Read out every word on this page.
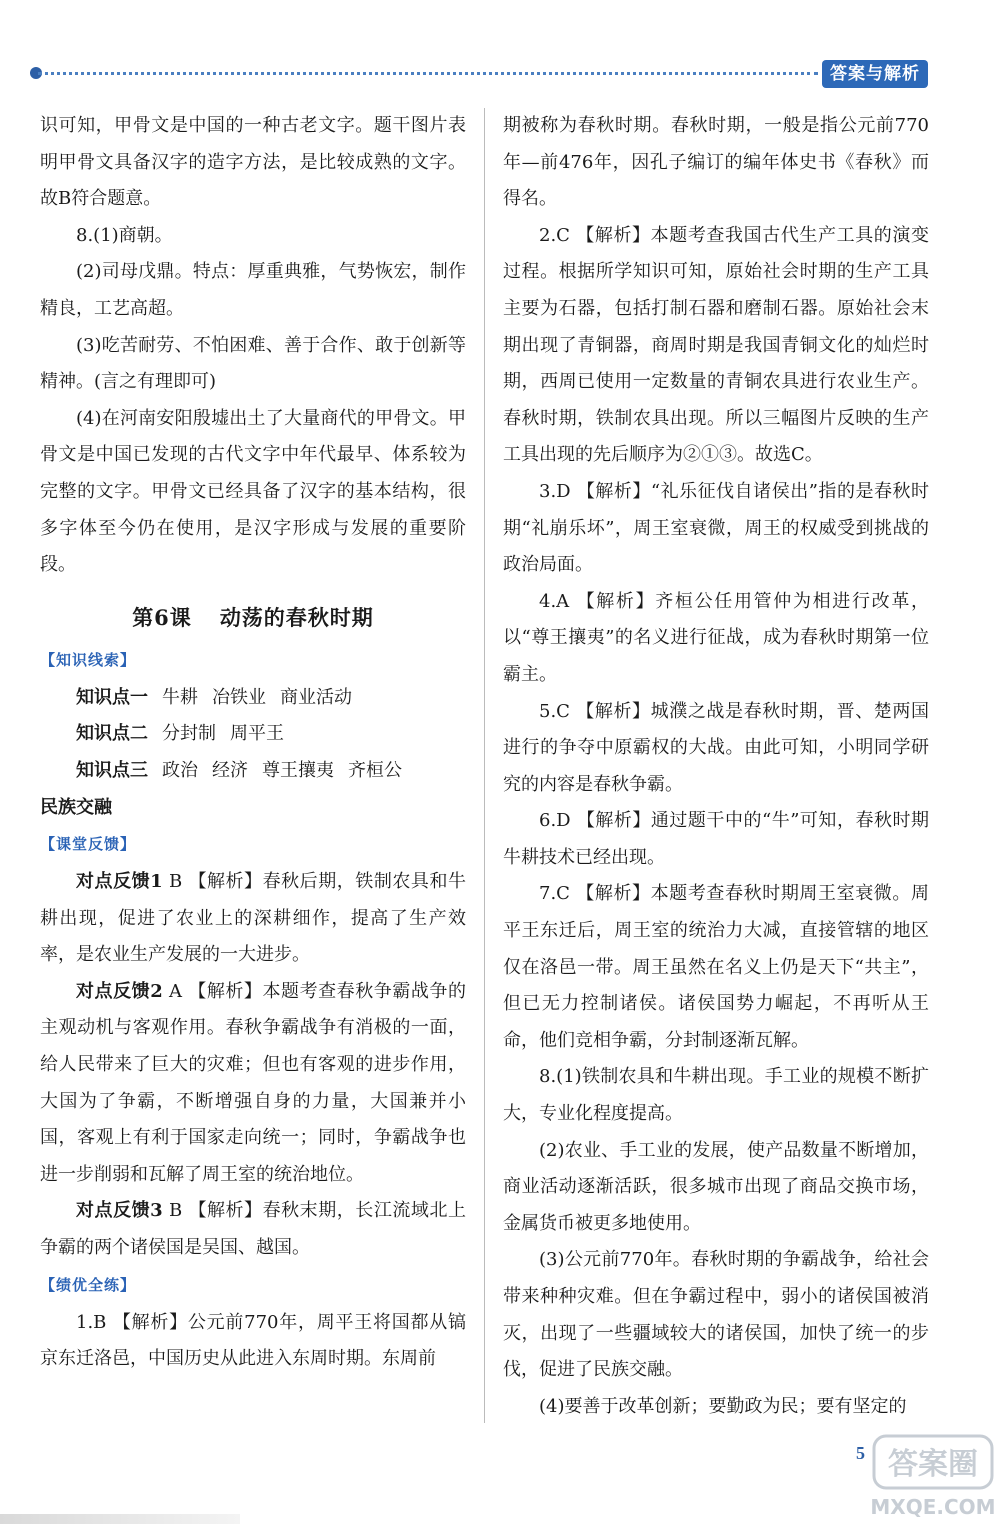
答案与解析

识可知，甲骨文是中国的一种古老文字。题干图片表明甲骨文具备汉字的造字方法，是比较成熟的文字。故B符合题意。

8.(1)商朝。

(2)司母戊鼎。特点：厚重典雅，气势恢宏，制作精良，工艺高超。

(3)吃苦耐劳、不怕困难、善于合作、敢于创新等精神。(言之有理即可)

(4)在河南安阳殷墟出土了大量商代的甲骨文。甲骨文是中国已发现的古代文字中年代最早、体系较为完整的文字。甲骨文已经具备了汉字的基本结构，很多字体至今仍在使用，是汉字形成与发展的重要阶段。

第6课 动荡的春秋时期
【知识线索】

知识点一 牛耕 冶铁业 商业活动

知识点二 分封制 周平王

知识点三 政治 经济 尊王攘夷 齐桓公

民族交融

【课堂反馈】

对点反馈1 B 【解析】春秋后期，铁制农具和牛耕出现，促进了农业上的深耕细作，提高了生产效率，是农业生产发展的一大进步。

对点反馈2 A 【解析】本题考查春秋争霸战争的主观动机与客观作用。春秋争霸战争有消极的一面，给人民带来了巨大的灾难；但也有客观的进步作用，大国为了争霸，不断增强自身的力量，大国兼并小国，客观上有利于国家走向统一；同时，争霸战争也进一步削弱和瓦解了周王室的统治地位。

对点反馈3 B 【解析】春秋末期，长江流域北上争霸的两个诸侯国是吴国、越国。

【绩优全练】

1.B 【解析】公元前770年，周平王将国都从镐京东迁洛邑，中国历史从此进入东周时期。东周前

期被称为春秋时期。春秋时期，一般是指公元前770年—前476年，因孔子编订的编年体史书《春秋》而得名。

2.C 【解析】本题考查我国古代生产工具的演变过程。根据所学知识可知，原始社会时期的生产工具主要为石器，包括打制石器和磨制石器。原始社会末期出现了青铜器，商周时期是我国青铜文化的灿烂时期，西周已使用一定数量的青铜农具进行农业生产。春秋时期，铁制农具出现。所以三幅图片反映的生产工具出现的先后顺序为②①③。故选C。

3.D 【解析】“礼乐征伐自诸侯出”指的是春秋时期“礼崩乐坏”，周王室衰微，周王的权威受到挑战的政治局面。

4.A 【解析】齐桓公任用管仲为相进行改革，以“尊王攘夷”的名义进行征战，成为春秋时期第一位霸主。

5.C 【解析】城濮之战是春秋时期，晋、楚两国进行的争夺中原霸权的大战。由此可知，小明同学研究的内容是春秋争霸。

6.D 【解析】通过题干中的“牛”可知，春秋时期牛耕技术已经出现。

7.C 【解析】本题考查春秋时期周王室衰微。周平王东迁后，周王室的统治力大减，直接管辖的地区仅在洛邑一带。周王虽然在名义上仍是天下“共主”，但已无力控制诸侯。诸侯国势力崛起，不再听从王命，他们竞相争霸，分封制逐渐瓦解。

8.(1)铁制农具和牛耕出现。手工业的规模不断扩大，专业化程度提高。

(2)农业、手工业的发展，使产品数量不断增加，商业活动逐渐活跃，很多城市出现了商品交换市场，金属货币被更多地使用。

(3)公元前770年。春秋时期的争霸战争，给社会带来种种灾难。但在争霸过程中，弱小的诸侯国被消灭，出现了一些疆域较大的诸侯国，加快了统一的步伐，促进了民族交融。

(4)要善于改革创新；要勤政为民；要有坚定的

5 答案圈
MXQE.COM
